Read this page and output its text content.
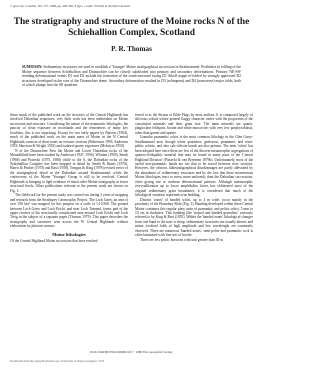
J. geol. Soc. London, Vol. 137, 1980, pp. 469-482, 8 figs., 1 table. Printed in Northern Ireland
The stratigraphy and structure of the Moine rocks N of the Schiehallion Complex, Scotland
P. R. Thomas
SUMMARY: Sedimentary structures are used to establish a 'Younger' Moine stratigraphical succession in Strathtummel. Perthshire in folding of the Moine sequence between Schiehallion and Drumochter can be closely subdivided into primary and secondary deformations. Primary NE-SW trending deformational events D1 and D2 include the formation of the south-eastward facing D1 Atholl nappe re-folded by strongly appressed D2 structures developed in the core of the Drumochter dome. Secondary deformation resulted in D3 (relinquent) and D4 (transverse) major folds, both of which plunge into the SE quadrant.

Since much of the published work on the tectonics of the Central Highlands has involved Dalradian sequences, very little work has been undertaken on Moine succession and structure. Considering the nature of the psammitic lithologies, the paucity of clean exposure on moorlands and the remoteness of many key localities, this is not surprising. Except for two early papers by Barrow (1904), much of the published work on the main mass of Moine in the N Central Highlands consists of short notes on tectonic sections (Roberston 1959; Anderson 1953; Harrison & Wright 1953) and isolated quarry exposures (McIntyre 1950).

N of the Drumochter Pass the Moine and Lower Dalradian rocks of the Monadhliath have been studied by Anderson (1947, 1956), Whitten (1959), Smith (1968) and Piasecki (1975, 1980) while to the S, the Dalradian rocks of the Schiehallion Complex has been mapped in detail by Smith & Harris (1976), Harris & Pitcher (1975) and Rast (1958), Treagus & King (1978) revised views of the stratigraphical detail in the Dalradian around Strathtummel, while the controversy of the Moine 'Younger' Group is still to be resolved. Central Highlands is bringing to light evidence of much older Moine stratigraphy at lower structural levels. Other publications relevant to the present study are shown on Fig. 1.

The fieldwork for the present study was carried out during 3 years of mapping and research from the Strathspey Geomorphic Project. The Loch Garry, an area of over 350 km² was mapped for this purpose on a scale of 1:10,560. The ground between Loch Garry and Loch Ericht, and near Loch Tummel, forms part of the upper reaches of the structurally complicated area around Loch Ericht and Loch Treig in the subject of a separate paper (Thomas 1979). This paper describes the stratigraphy and structures seen across the W Central Highlands without elaboration by plutonic masses.

Moine lithologies

Of the Central Highland Moine succession that have reached

ferred to as the Struan or Eilde Flags by most authors. It is composed largely of siliceous schists whose general flaggy character varies with the proportion of the constituent minerals and their grain size. The main minerals are quartz, plagioclase feldspars, biotite and white muscovite, with very few porphyroblasts, other than garnet and apatite.

Granular psammitic schist is the most common lithology in the Glen Garry-Strathtummel area, though white quartzites, gneissose, psammitic and semi-pelitic schists, and also calc-silicate bands are also present. The term 'schist' has been adopted here since there are few of the discrete metamorphic segregations of quartzo-feldspathic material that may be found in many parts of the 'Central Highland Division' (Piasecki & van Breemen 1979b). Unfortunately, most of the useful non-psammitic bands are too thin to be traced between river sections. However, the obvious lithostratigraphical disadvantages are partly alleviated by the abundance of sedimentary structures and by the fact that these monotonous Moine lithologies react to stress more uniformly than the Dalradian successions, often giving rise to uniform deformational patterns. Although metamorphic recrystallization up to lower amphibolite facies has obliterated most of the original sedimentary grain boundaries, it is considered that much of the lithological variation represents true bedding.

Distinct 'zones' of banded schist, up to 4 m wide, occur mainly in the proximity of the Boundary Slide (Fig. 1). Banding developed within these Central Moine continues this regular platy units of psammitic and pelitic schist, 5 mm to 10 cm in thickness. This banding (the 'striped and banded granulites' variously referred to by King & Rast (1955). Within the 'banded zones' lithological changes from one band to the next is sharp, sedimentary structures are usually absent, and minor isoclinal folds of high amplitude and low wavelength are commonly observed. There are numerous 'banded zones', semi-pelite and psammitic rock is often laminated with fine sets of biotite.

There are few pelitic horizons with unit greater than 30 m

0016-7649/80/0700-0469$02.00 © 1980 The Geological Society
Downloaded from http://jgs.lyellcollection.org/ at University of Oregon on August 7, 2015
